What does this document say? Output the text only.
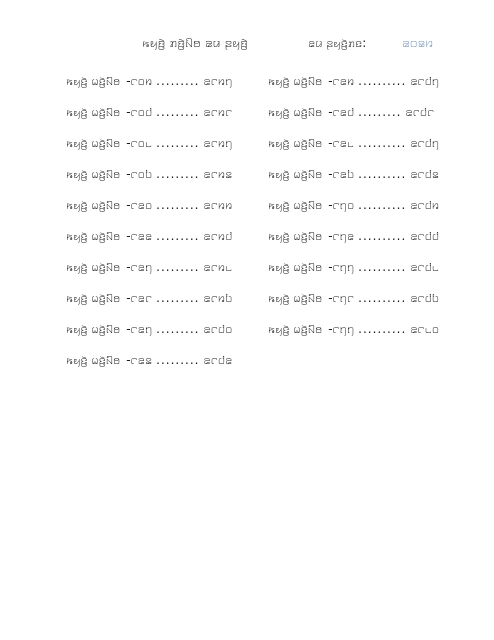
ꤒꤟꤢꤧ꤬ ꤊꤢꤧ꤬ꤡꤥ ꤘꤣ ꤔꤟꤢꤧ꤬	ꤘꤣ ꤔꤟꤢꤧ꤬ꤊꤢ:	꤁꤀꤃꤆
ꤒꤟꤢꤧ꤬ ꤗꤢꤧ꤬ꤡꤥ -꤅꤀꤆ ......... ꤁꤅꤆꤄
ꤒꤟꤢꤧ꤬ ꤗꤢꤧ꤬ꤡꤥ -꤅꤀꤇ ......... ꤁꤅꤆꤅
ꤒꤟꤢꤧ꤬ ꤗꤢꤧ꤬ꤡꤥ -꤅꤀꤈ ......... ꤁꤅꤆꤄
ꤒꤟꤢꤧ꤬ ꤗꤢꤧ꤬ꤡꤥ -꤅꤀꤉ ......... ꤁꤅꤆꤃
ꤒꤟꤢꤧ꤬ ꤗꤢꤧ꤬ꤡꤥ -꤅꤁꤀ ......... ꤁꤅꤆꤆
ꤒꤟꤢꤧ꤬ ꤗꤢꤧ꤬ꤡꤥ -꤅꤁꤁ ......... ꤁꤅꤆꤇
ꤒꤟꤢꤧ꤬ ꤗꤢꤧ꤬ꤡꤥ -꤅꤁꤄ ......... ꤁꤅꤆꤈
ꤒꤟꤢꤧ꤬ ꤗꤢꤧ꤬ꤡꤥ -꤅꤁꤅ ......... ꤁꤅꤆꤉
ꤒꤟꤢꤧ꤬ ꤗꤢꤧ꤬ꤡꤥ -꤅꤁꤄ ......... ꤁꤅꤇꤀
ꤒꤟꤢꤧ꤬ ꤗꤢꤧ꤬ꤡꤥ -꤅꤁꤃ ......... ꤁꤅꤇꤁
ꤒꤟꤢꤧ꤬ ꤗꤢꤧ꤬ꤡꤥ -꤅꤁꤆ .......... ꤁꤅꤇꤄
ꤒꤟꤢꤧ꤬ ꤗꤢꤧ꤬ꤡꤥ -꤅꤁꤇ ......... ꤁꤅꤇꤅
ꤒꤟꤢꤧ꤬ ꤗꤢꤧ꤬ꤡꤥ -꤅꤁꤈ .......... ꤁꤅꤇꤄
ꤒꤟꤢꤧ꤬ ꤗꤢꤧ꤬ꤡꤥ -꤅꤁꤉ .......... ꤁꤅꤇꤃
ꤒꤟꤢꤧ꤬ ꤗꤢꤧ꤬ꤡꤥ -꤅꤄꤀ .......... ꤁꤅꤇꤆
ꤒꤟꤢꤧ꤬ ꤗꤢꤧ꤬ꤡꤥ -꤅꤄꤁ .......... ꤁꤅꤇꤇
ꤒꤟꤢꤧ꤬ ꤗꤢꤧ꤬ꤡꤥ -꤅꤄꤄ .......... ꤁꤅꤇꤈
ꤒꤟꤢꤧ꤬ ꤗꤢꤧ꤬ꤡꤥ -꤅꤄꤅ .......... ꤁꤅꤇꤉
ꤒꤟꤢꤧ꤬ ꤗꤢꤧ꤬ꤡꤥ -꤅꤄꤄ .......... ꤁꤅꤈꤀
